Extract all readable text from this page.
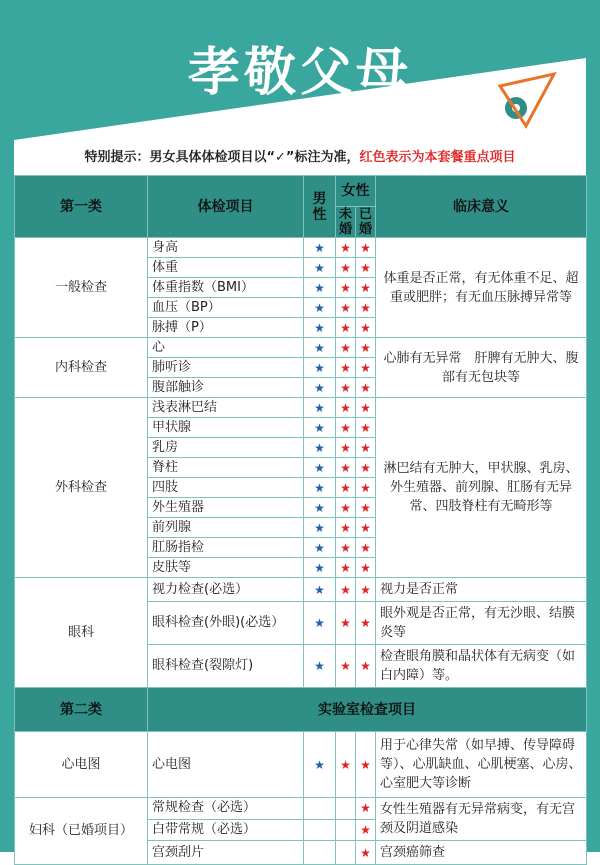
孝敬父母
特别提示：男女具体体检项目以“✓”标注为准，红色表示为本套餐重点项目
第一类	体检项目	男性	女性		临床意义
			未婚	已婚	
一般检查	身高	★	★	★	体重是否正常，有无体重不足、超重或肥胖；有无血压脉搏异常等
	体重	★	★	★	
	体重指数（BMI）	★	★	★	
	血压（BP）	★	★	★	
	脉搏（P）	★	★	★	
内科检查	心	★	★	★	心肺有无异常　肝脾有无肿大、腹部有无包块等
	肺听诊	★	★	★	
	腹部触诊	★	★	★	
外科检查	浅表淋巴结	★	★	★	淋巴结有无肿大，甲状腺、乳房、外生殖器、前列腺、肛肠有无异常、四肢脊柱有无畸形等
	甲状腺	★	★	★	
	乳房	★	★	★	
	脊柱	★	★	★	
	四肢	★	★	★	
	外生殖器	★	★	★	
	前列腺	★	★	★	
	肛肠指检	★	★	★	
	皮肤等	★	★	★	
眼科	视力检查(必选）	★	★	★	视力是否正常
	眼科检查(外眼)(必选）	★	★	★	眼外观是否正常，有无沙眼、结膜炎等
	眼科检查(裂隙灯)	★	★	★	检查眼角膜和晶状体有无病变（如白内障）等。
第二类	实验室检查项目				
心电图	心电图	★	★	★	用于心律失常（如早搏、传导障碍等）、心肌缺血、心肌梗塞、心房、心室肥大等诊断
妇科（已婚项目）	常规检查（必选）			★	女性生殖器有无异常病变，有无宫颈及阴道感染
	白带常规（必选）			★	
	宫颈刮片			★	宫颈癌筛查
